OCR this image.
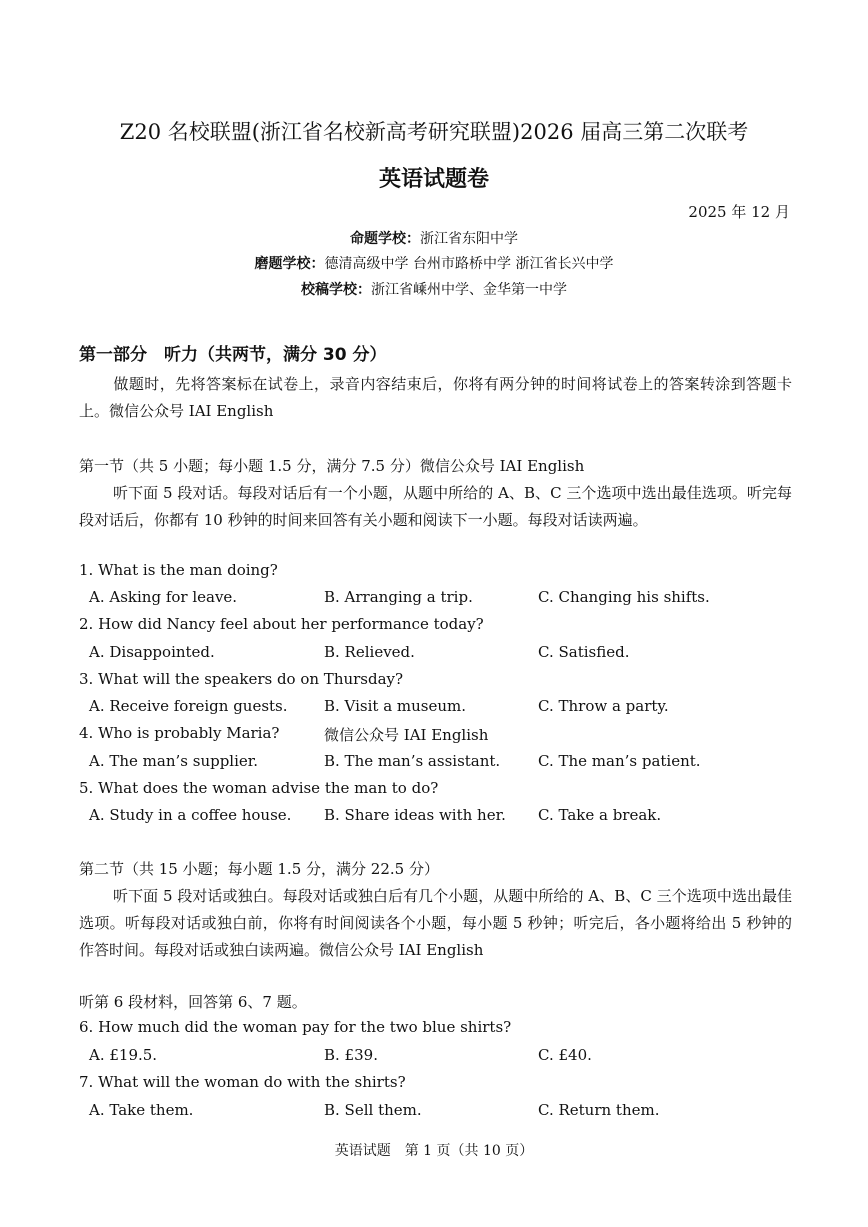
Z20 名校联盟(浙江省名校新高考研究联盟)2026 届高三第二次联考
英语试题卷
2025 年 12 月
命题学校：浙江省东阳中学
磨题学校：德清高级中学 台州市路桥中学 浙江省长兴中学
校稿学校：浙江省嵊州中学、金华第一中学
第一部分　听力（共两节，满分 30 分）
做题时，先将答案标在试卷上，录音内容结束后，你将有两分钟的时间将试卷上的答案转涂到答题卡上。微信公众号 IAI English
第一节（共 5 小题；每小题 1.5 分，满分 7.5 分）微信公众号 IAI English
听下面 5 段对话。每段对话后有一个小题，从题中所给的 A、B、C 三个选项中选出最佳选项。听完每段对话后，你都有 10 秒钟的时间来回答有关小题和阅读下一小题。每段对话读两遍。
1. What is the man doing?
A. Asking for leave.	B. Arranging a trip.	C. Changing his shifts.
2. How did Nancy feel about her performance today?
A. Disappointed.	B. Relieved.	C. Satisfied.
3. What will the speakers do on Thursday?
A. Receive foreign guests. B. Visit a museum.	C. Throw a party.
4. Who is probably Maria?	微信公众号 IAI English
A. The man’s supplier.	B. The man’s assistant.	C. The man’s patient.
5. What does the woman advise the man to do?
A. Study in a coffee house. B. Share ideas with her. C. Take a break.
第二节（共 15 小题；每小题 1.5 分，满分 22.5 分）
听下面 5 段对话或独白。每段对话或独白后有几个小题，从题中所给的 A、B、C 三个选项中选出最佳选项。听每段对话或独白前，你将有时间阅读各个小题，每小题 5 秒钟；听完后，各小题将给出 5 秒钟的作答时间。每段对话或独白读两遍。微信公众号 IAI English
听第 6 段材料，回答第 6、7 题。
6. How much did the woman pay for the two blue shirts?
A. £19.5.	B. £39.	C. £40.
7. What will the woman do with the shirts?
A. Take them.	B. Sell them.	C. Return them.
英语试题　第 1 页（共 10 页）
